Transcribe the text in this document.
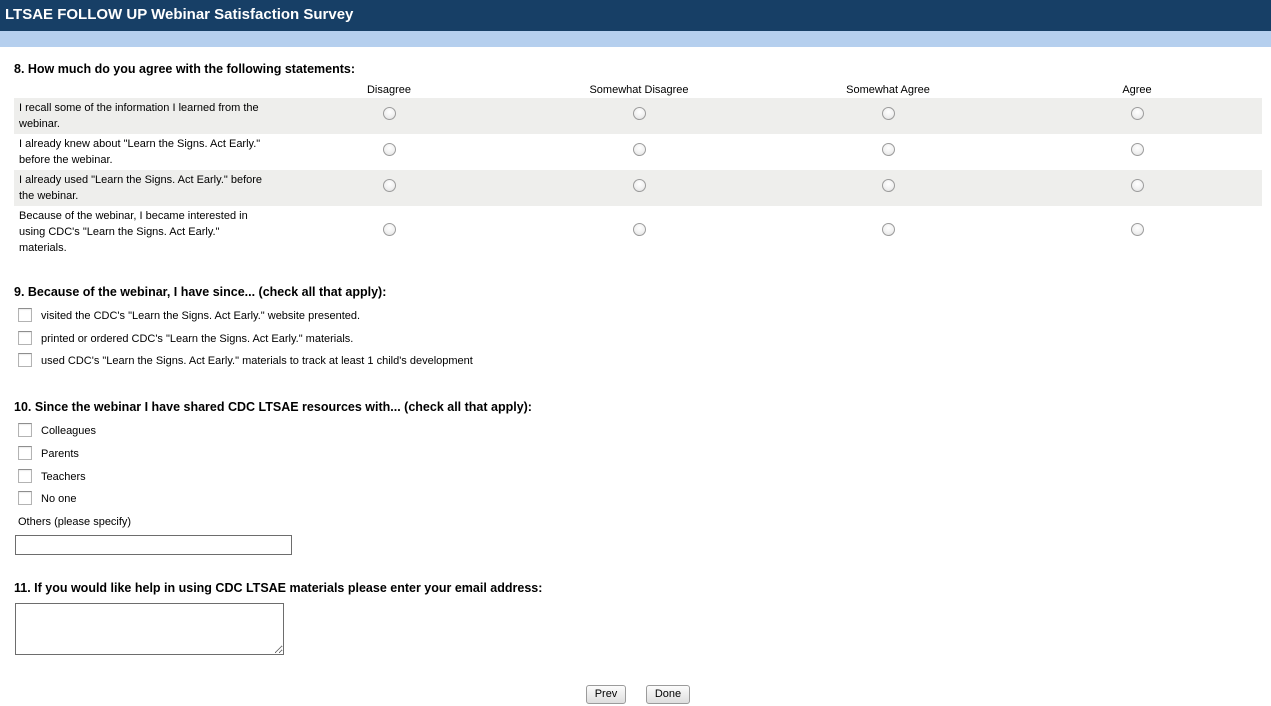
LTSAE FOLLOW UP Webinar Satisfaction Survey
8. How much do you agree with the following statements:
Disagree	Somewhat Disagree	Somewhat Agree	Agree
I recall some of the information I learned from the webinar.
I already knew about "Learn the Signs. Act Early." before the webinar.
I already used "Learn the Signs. Act Early." before the webinar.
Because of the webinar, I became interested in using CDC's "Learn the Signs. Act Early." materials.
9. Because of the webinar, I have since... (check all that apply):
visited the CDC's "Learn the Signs. Act Early." website presented.
printed or ordered CDC's "Learn the Signs. Act Early." materials.
used CDC's "Learn the Signs. Act Early." materials to track at least 1 child's development
10. Since the webinar I have shared CDC LTSAE resources with... (check all that apply):
Colleagues
Parents
Teachers
No one
Others (please specify)
11. If you would like help in using CDC LTSAE materials please enter your email address:
Prev	Done
